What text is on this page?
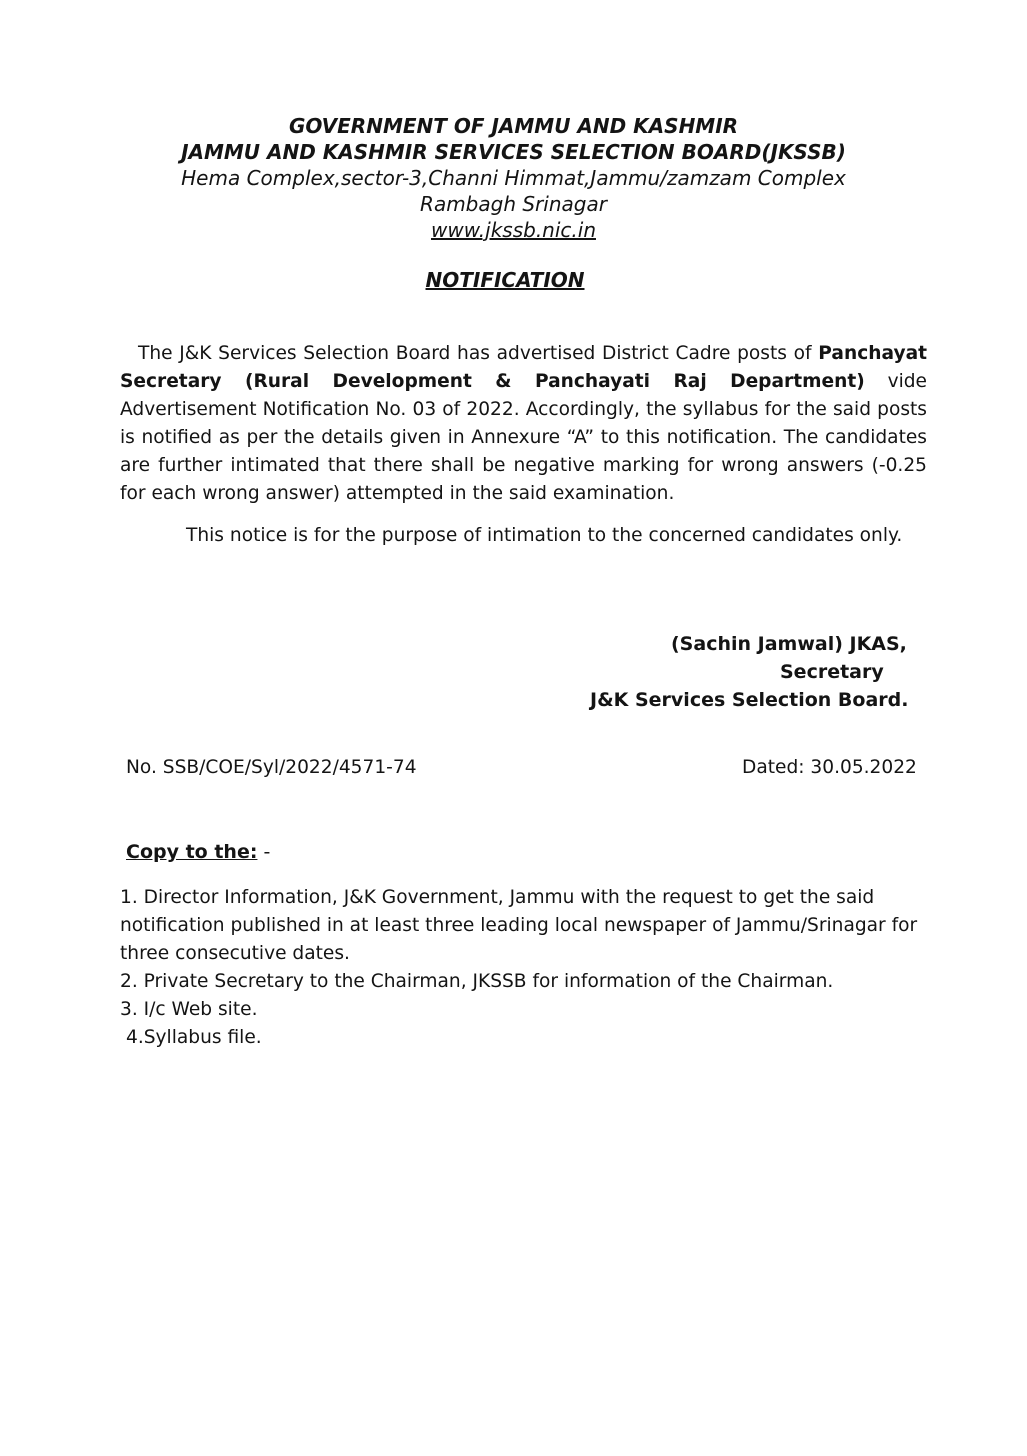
GOVERNMENT OF JAMMU AND KASHMIR
JAMMU AND KASHMIR SERVICES SELECTION BOARD(JKSSB)
Hema Complex,sector-3,Channi Himmat,Jammu/zamzam Complex
Rambagh Srinagar
www.jkssb.nic.in
NOTIFICATION
The J&K Services Selection Board has advertised District Cadre posts of Panchayat Secretary (Rural Development & Panchayati Raj Department) vide Advertisement Notification No. 03 of 2022. Accordingly, the syllabus for the said posts is notified as per the details given in Annexure “A” to this notification. The candidates are further intimated that there shall be negative marking for wrong answers (-0.25 for each wrong answer) attempted in the said examination.
This notice is for the purpose of intimation to the concerned candidates only.
(Sachin Jamwal) JKAS,
Secretary
J&K Services Selection Board.
No. SSB/COE/Syl/2022/4571-74	Dated: 30.05.2022
Copy to the: -
1. Director Information, J&K Government, Jammu with the request to get the said notification published in at least three leading local newspaper of Jammu/Srinagar for three consecutive dates.
2. Private Secretary to the Chairman, JKSSB for information of the Chairman.
3. I/c Web site.
4.Syllabus file.
